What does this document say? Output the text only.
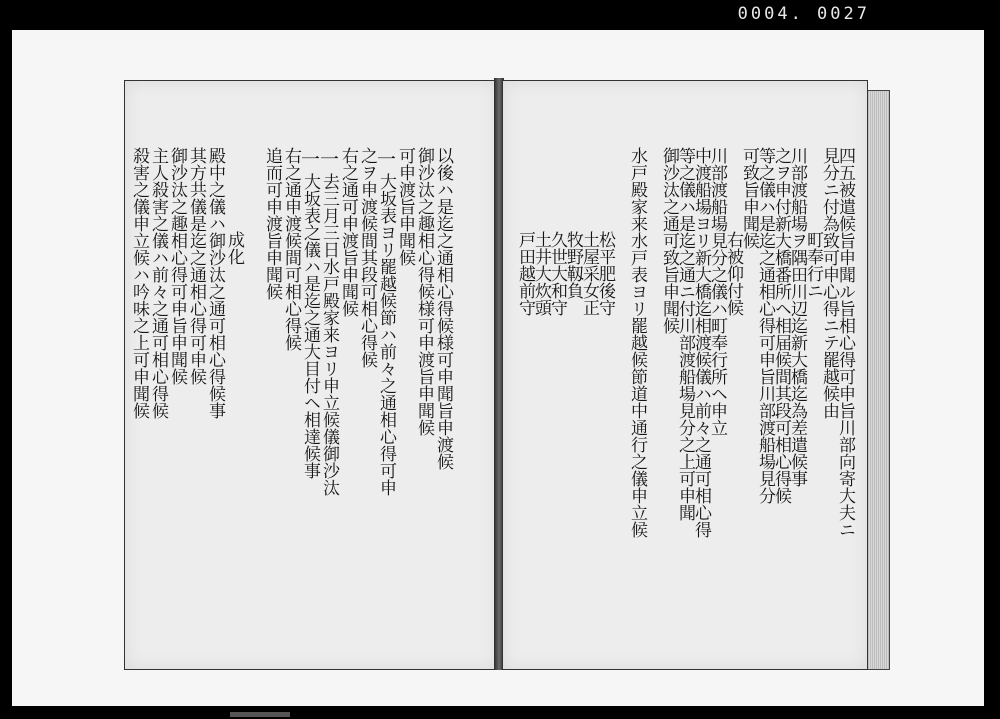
0004. 0027
以後ハ是迄之通相心得候様可申聞旨申渡候
御沙汰之趣相心得候様可申渡旨申聞候
可申渡旨申聞候
一
大坂表ヨリ罷越候節ハ前々之通相心得可申
之ヲ申渡候間其段可相心得候
右之通可申渡旨申聞候
一
去三月三日水戸殿家来ヨリ申立候儀御沙汰
一
大坂表之儀ハ是迄之通大目付ヘ相達候事
右之通申渡候間可相心得候
追而可申渡旨申聞候
成化
殿中之儀ハ御沙汰之通可相心得候事
其方共儀是迄之通相心得可申候
御沙汰之趣相心得可申旨申聞候
主人殺害之儀ハ前々之通可相心得候
殺害之儀申立候ハ吟味之上可申聞候	四五被遣候旨申聞ル旨相心得可申旨川部向寄大夫ニ
見分ニ付為致可申心得ニテ罷越候由
町奉行ニ
川部渡船場ヲ隅田川辺迄新大橋迄為差遣候事
之ヲ申付新大橋番所ヘ相届候間其段可相心得候
等之儀ハ是迄之通相心得可申旨川部渡船場見分
可致旨申聞候
右被仰付候
川部渡船場見分之儀ハ町奉行所ヘ申立
中渡船場ヨリ新大橋迄相渡候儀ハ前々之通可相心得
等之儀ハ是迄之通ニ付川部渡船場見分之上可申聞
御沙汰之通可致旨申聞候
水戸殿家来水戸表ヨリ罷越候節道中通行之儀申立候
松平肥後守
土屋采女正
牧野靱負
久世大和守
土井大炊頭
戸田越前守
